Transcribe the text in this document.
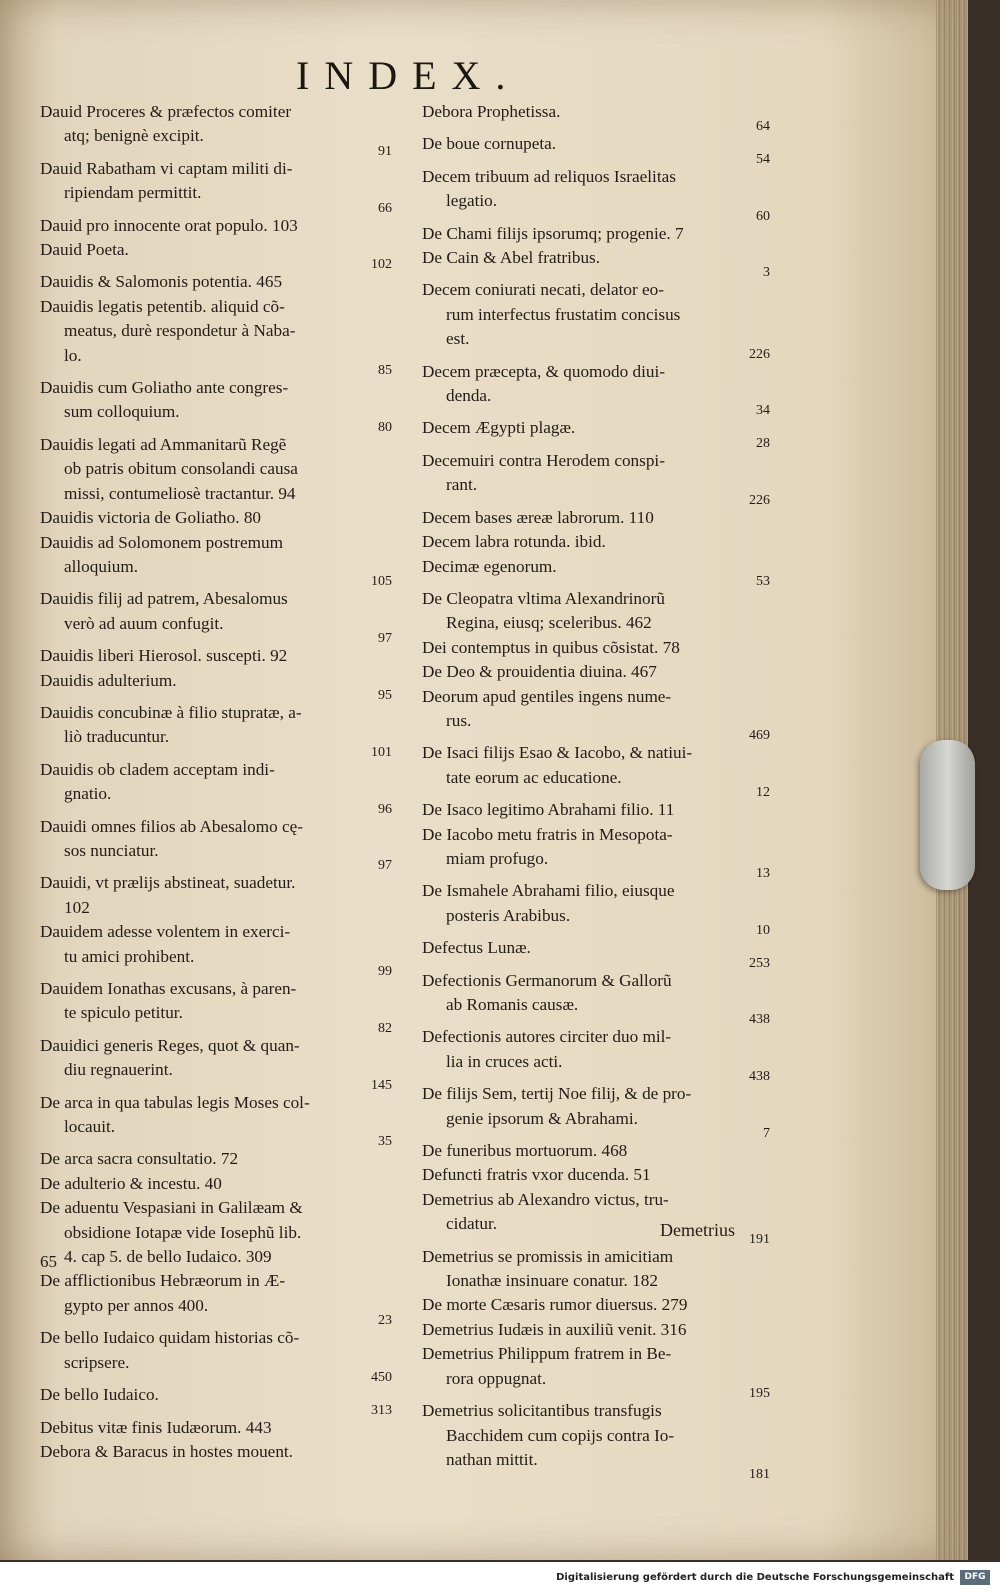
INDEX.
Dauid Proceres & præfectos comiter
atq; benignè excipit.
91
Dauid Rabatham vi captam militi di-
ripiendam permittit.
66
Dauid pro innocente orat populo. 103
Dauid Poeta.
102
Dauidis & Salomonis potentia. 465
Dauidis legatis petentib. aliquid cõ-
meatus, durè respondetur à Naba-
lo.
85
Dauidis cum Goliatho ante congres-
sum colloquium.
80
Dauidis legati ad Ammanitarũ Regẽ
ob patris obitum consolandi causa
missi, contumeliosè tractantur. 94
Dauidis victoria de Goliatho. 80
Dauidis ad Solomonem postremum
alloquium.
105
Dauidis filij ad patrem, Abesalomus
verò ad auum confugit.
97
Dauidis liberi Hierosol. suscepti. 92
Dauidis adulterium.
95
Dauidis concubinæ à filio stupratæ, a-
liò traducuntur.
101
Dauidis ob cladem acceptam indi-
gnatio.
96
Dauidi omnes filios ab Abesalomo cę-
sos nunciatur.
97
Dauidi, vt prælijs abstineat, suadetur.
102
Dauidem adesse volentem in exerci-
tu amici prohibent.
99
Dauidem Ionathas excusans, à paren-
te spiculo petitur.
82
Dauidici generis Reges, quot & quan-
diu regnauerint.
145
De arca in qua tabulas legis Moses col-
locauit.
35
De arca sacra consultatio. 72
De adulterio & incestu. 40
De aduentu Vespasiani in Galilæam &
obsidione Iotapæ vide Iosephũ lib.
4. cap 5. de bello Iudaico. 309
De afflictionibus Hebræorum in Æ-
gypto per annos 400.
23
De bello Iudaico quidam historias cõ-
scripsere.
450
De bello Iudaico.
313
Debitus vitæ finis Iudæorum. 443
Debora & Baracus in hostes mouent.
Debora Prophetissa.
64
De boue cornupeta.
54
Decem tribuum ad reliquos Israelitas
legatio.
60
De Chami filijs ipsorumq; progenie. 7
De Cain & Abel fratribus.
3
Decem coniurati necati, delator eo-
rum interfectus frustatim concisus
est.
226
Decem præcepta, & quomodo diui-
denda.
34
Decem Ægypti plagæ.
28
Decemuiri contra Herodem conspi-
rant.
226
Decem bases æreæ labrorum. 110
Decem labra rotunda. ibid.
Decimæ egenorum.
53
De Cleopatra vltima Alexandrinorũ
Regina, eiusq; sceleribus. 462
Dei contemptus in quibus cõsistat. 78
De Deo & prouidentia diuina. 467
Deorum apud gentiles ingens nume-
rus.
469
De Isaci filijs Esao & Iacobo, & natiui-
tate eorum ac educatione.
12
De Isaco legitimo Abrahami filio. 11
De Iacobo metu fratris in Mesopota-
miam profugo.
13
De Ismahele Abrahami filio, eiusque
posteris Arabibus.
10
Defectus Lunæ.
253
Defectionis Germanorum & Gallorũ
ab Romanis causæ.
438
Defectionis autores circiter duo mil-
lia in cruces acti.
438
De filijs Sem, tertij Noe filij, & de pro-
genie ipsorum & Abrahami.
7
De funeribus mortuorum. 468
Defuncti fratris vxor ducenda. 51
Demetrius ab Alexandro victus, tru-
cidatur.
191
Demetrius se promissis in amicitiam
Ionathæ insinuare conatur. 182
De morte Cæsaris rumor diuersus. 279
Demetrius Iudæis in auxiliũ venit. 316
Demetrius Philippum fratrem in Be-
rora oppugnat.
195
Demetrius solicitantibus transfugis
Bacchidem cum copijs contra Io-
nathan mittit.
181

65

Demetrius

Digitalisierung gefördert durch die Deutsche Forschungsgemeinschaft	DFG
